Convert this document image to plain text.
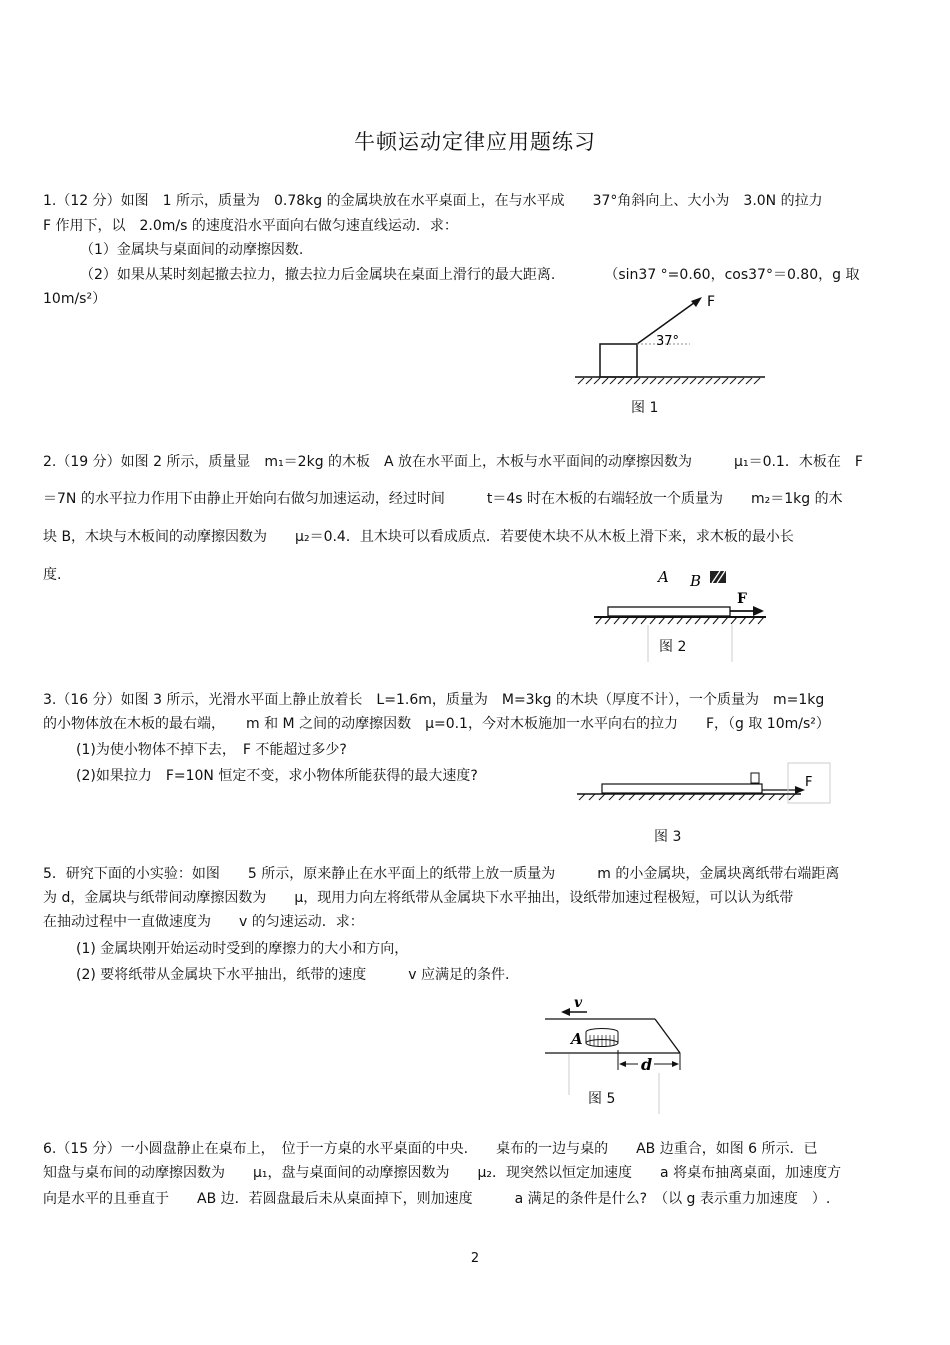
牛顿运动定律应用题练习
1.（12 分）如图　1 所示，质量为　0.78kg 的金属块放在水平桌面上，在与水平成　　37°角斜向上、大小为　3.0N 的拉力
F 作用下，以　2.0m/s 的速度沿水平面向右做匀速直线运动．求：
（1）金属块与桌面间的动摩擦因数.
（2）如果从某时刻起撤去拉力，撤去拉力后金属块在桌面上滑行的最大距离.　　　　（sin37 °=0.60，cos37°＝0.80，g 取
10m/s²）	F
37°
图 1
2.（19 分）如图 2 所示，质量显　m₁＝2kg 的木板　A 放在水平面上，木板与水平面间的动摩擦因数为　　　μ₁＝0.1．木板在　F
＝7N 的水平拉力作用下由静止开始向右做匀加速运动，经过时间　　　t＝4s 时在木板的右端轻放一个质量为　　m₂＝1kg 的木
块 B，木块与木板间的动摩擦因数为　　μ₂＝0.4．且木块可以看成质点．若要使木块不从木板上滑下来，求木板的最小长
度.	A B
F
图 2
3.（16 分）如图 3 所示，光滑水平面上静止放着长　L=1.6m，质量为　M=3kg 的木块（厚度不计），一个质量为　m=1kg
的小物体放在木板的最右端，　　m 和 M 之间的动摩擦因数　μ=0.1，今对木板施加一水平向右的拉力　　F，（g 取 10m/s²）
(1)为使小物体不掉下去，　F 不能超过多少?
(2)如果拉力　F=10N 恒定不变，求小物体所能获得的最大速度?	F
图 3
5．研究下面的小实验：如图　　5 所示，原来静止在水平面上的纸带上放一质量为　　　m 的小金属块，金属块离纸带右端距离
为 d，金属块与纸带间动摩擦因数为　　μ，现用力向左将纸带从金属块下水平抽出，设纸带加速过程极短，可以认为纸带
在抽动过程中一直做速度为　　v 的匀速运动．求：
(1) 金属块刚开始运动时受到的摩擦力的大小和方向，
(2) 要将纸带从金属块下水平抽出，纸带的速度　　　v 应满足的条件.
v
A
d
图 5
6.（15 分）一小圆盘静止在桌布上，　位于一方桌的水平桌面的中央.　　桌布的一边与桌的　　AB 边重合，如图 6 所示．已
知盘与桌布间的动摩擦因数为　　μ₁，盘与桌面间的动摩擦因数为　　μ₂．现突然以恒定加速度　　a 将桌布抽离桌面，加速度方
向是水平的且垂直于　　AB 边．若圆盘最后未从桌面掉下，则加速度　　　a 满足的条件是什么?　（以 g 表示重力加速度　）.
2
